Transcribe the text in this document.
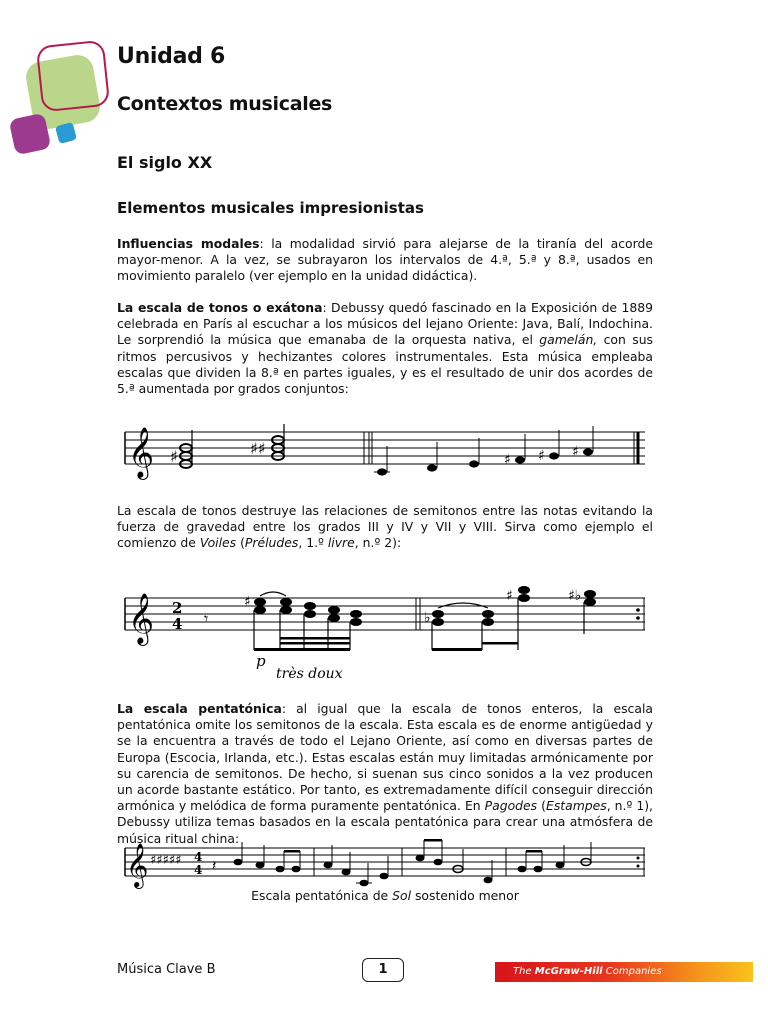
Unidad 6
Contextos musicales
El siglo XX
Elementos musicales impresionistas
Influencias modales: la modalidad sirvió para alejarse de la tiranía del acorde mayor-menor. A la vez, se subrayaron los intervalos de 4.ª, 5.ª y 8.ª, usados en movimiento paralelo (ver ejemplo en la unidad didáctica).
La escala de tonos o exátona: Debussy quedó fascinado en la Exposición de 1889 celebrada en París al escuchar a los músicos del lejano Oriente: Java, Balí, Indochina. Le sorprendió la música que emanaba de la orquesta nativa, el gamelán, con sus ritmos percusivos y hechizantes colores instrumentales. Esta música empleaba escalas que dividen la 8.ª en partes iguales, y es el resultado de unir dos acordes de 5.ª aumentada por grados conjuntos:
𝄞 ♯	♯♯
♯ ♯ ♯
La escala de tonos destruye las relaciones de semitonos entre las notas evitando la fuerza de gravedad entre los grados III y IV y VII y VIII. Sirva como ejemplo el comienzo de Voiles (Préludes, 1.º livre, n.º 2):
𝄞 2
4 𝄾
♯
♭
♯	♯♭
p
très doux
La escala pentatónica: al igual que la escala de tonos enteros, la escala pentatónica omite los semitonos de la escala. Esta escala es de enorme antigüedad y se la encuentra a través de todo el Lejano Oriente, así como en diversas partes de Europa (Escocia, Irlanda, etc.). Estas escalas están muy limitadas armónicamente por su carencia de semitonos. De hecho, si suenan sus cinco sonidos a la vez producen un acorde bastante estático. Por tanto, es extremadamente difícil conseguir dirección armónica y melódica de forma puramente pentatónica. En Pagodes (Estampes, n.º 1), Debussy utiliza temas basados en la escala pentatónica para crear una atmósfera de música ritual china:
𝄞 ♯♯♯♯♯ 4
4 𝄽
Escala pentatónica de Sol sostenido menor
Música Clave B	1	The McGraw-Hill Companies
